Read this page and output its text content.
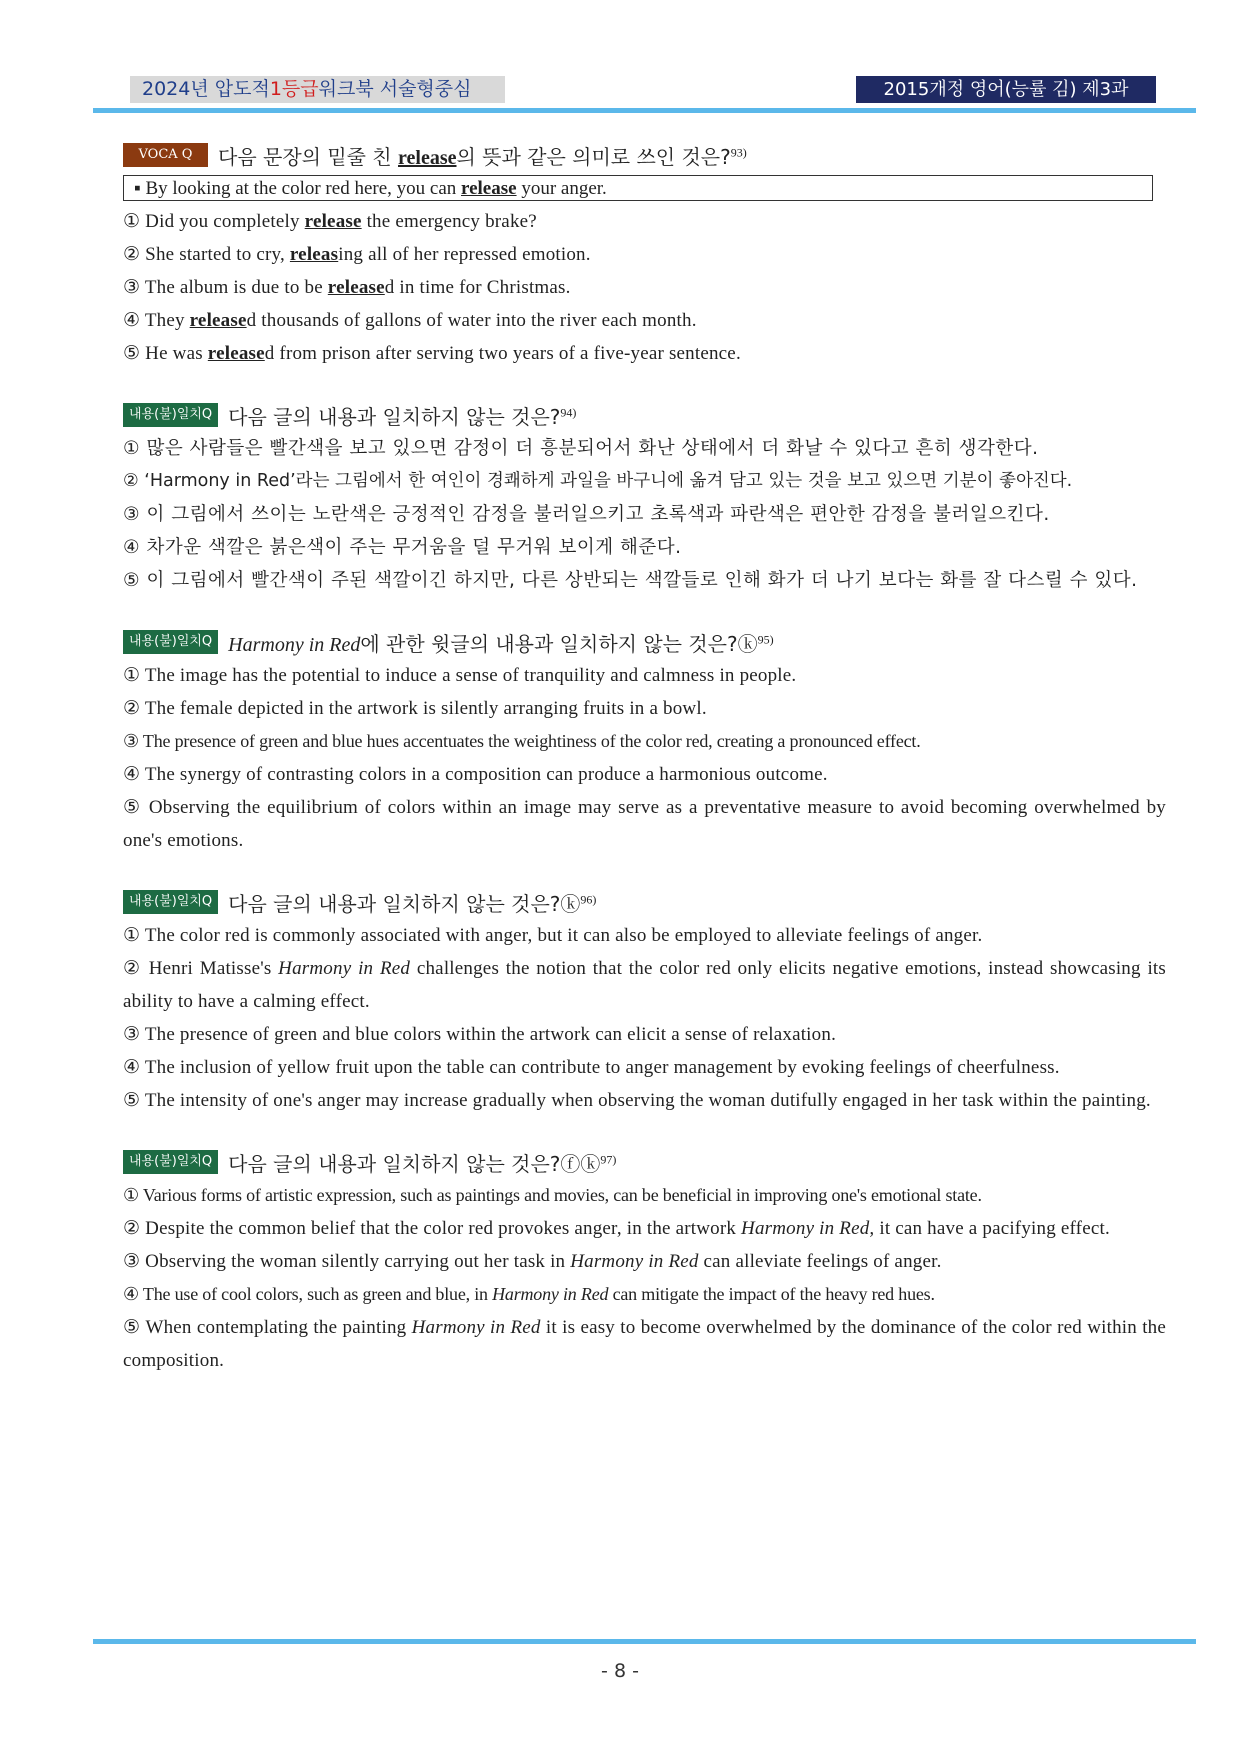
2024년 압도적1등급워크북 서술형중심	2015개정 영어(능률 김) 제3과
VOCA Q	다음 문장의 밑줄 친 release의 뜻과 같은 의미로 쓰인 것은?$^{93)}$
▪ By looking at the color red here, you can release your anger.
① Did you completely release the emergency brake?
② She started to cry, releasing all of her repressed emotion.
③ The album is due to be released in time for Christmas.
④ They released thousands of gallons of water into the river each month.
⑤ He was released from prison after serving two years of a five-year sentence.
내용(불)일치Q 다음 글의 내용과 일치하지 않는 것은?$^{94)}$
① 많은 사람들은 빨간색을 보고 있으면 감정이 더 흥분되어서 화난 상태에서 더 화날 수 있다고 흔히 생각한다.
② ‘Harmony in Red’라는 그림에서 한 여인이 경쾌하게 과일을 바구니에 옮겨 담고 있는 것을 보고 있으면 기분이 좋아진다.
③ 이 그림에서 쓰이는 노란색은 긍정적인 감정을 불러일으키고 초록색과 파란색은 편안한 감정을 불러일으킨다.
④ 차가운 색깔은 붉은색이 주는 무거움을 덜 무거워 보이게 해준다.
⑤ 이 그림에서 빨간색이 주된 색깔이긴 하지만, 다른 상반되는 색깔들로 인해 화가 더 나기 보다는 화를 잘 다스릴 수 있다.
내용(불)일치Q Harmony in Red에 관한 윗글의 내용과 일치하지 않는 것은?ⓚ$^{95)}$
① The image has the potential to induce a sense of tranquility and calmness in people.
② The female depicted in the artwork is silently arranging fruits in a bowl.
③ The presence of green and blue hues accentuates the weightiness of the color red, creating a pronounced effect.
④ The synergy of contrasting colors in a composition can produce a harmonious outcome.
⑤ Observing the equilibrium of colors within an image may serve as a preventative measure to avoid becoming overwhelmed by one's emotions.
내용(불)일치Q 다음 글의 내용과 일치하지 않는 것은?ⓚ$^{96)}$
① The color red is commonly associated with anger, but it can also be employed to alleviate feelings of anger.
② Henri Matisse's Harmony in Red challenges the notion that the color red only elicits negative emotions, instead showcasing its ability to have a calming effect.
③ The presence of green and blue colors within the artwork can elicit a sense of relaxation.
④ The inclusion of yellow fruit upon the table can contribute to anger management by evoking feelings of cheerfulness.
⑤ The intensity of one's anger may increase gradually when observing the woman dutifully engaged in her task within the painting.
내용(불)일치Q 다음 글의 내용과 일치하지 않는 것은?ⓕⓚ$^{97)}$
① Various forms of artistic expression, such as paintings and movies, can be beneficial in improving one's emotional state.
② Despite the common belief that the color red provokes anger, in the artwork Harmony in Red, it can have a pacifying effect.
③ Observing the woman silently carrying out her task in Harmony in Red can alleviate feelings of anger.
④ The use of cool colors, such as green and blue, in Harmony in Red can mitigate the impact of the heavy red hues.
⑤ When contemplating the painting Harmony in Red it is easy to become overwhelmed by the dominance of the color red within the composition.
- 8 -
